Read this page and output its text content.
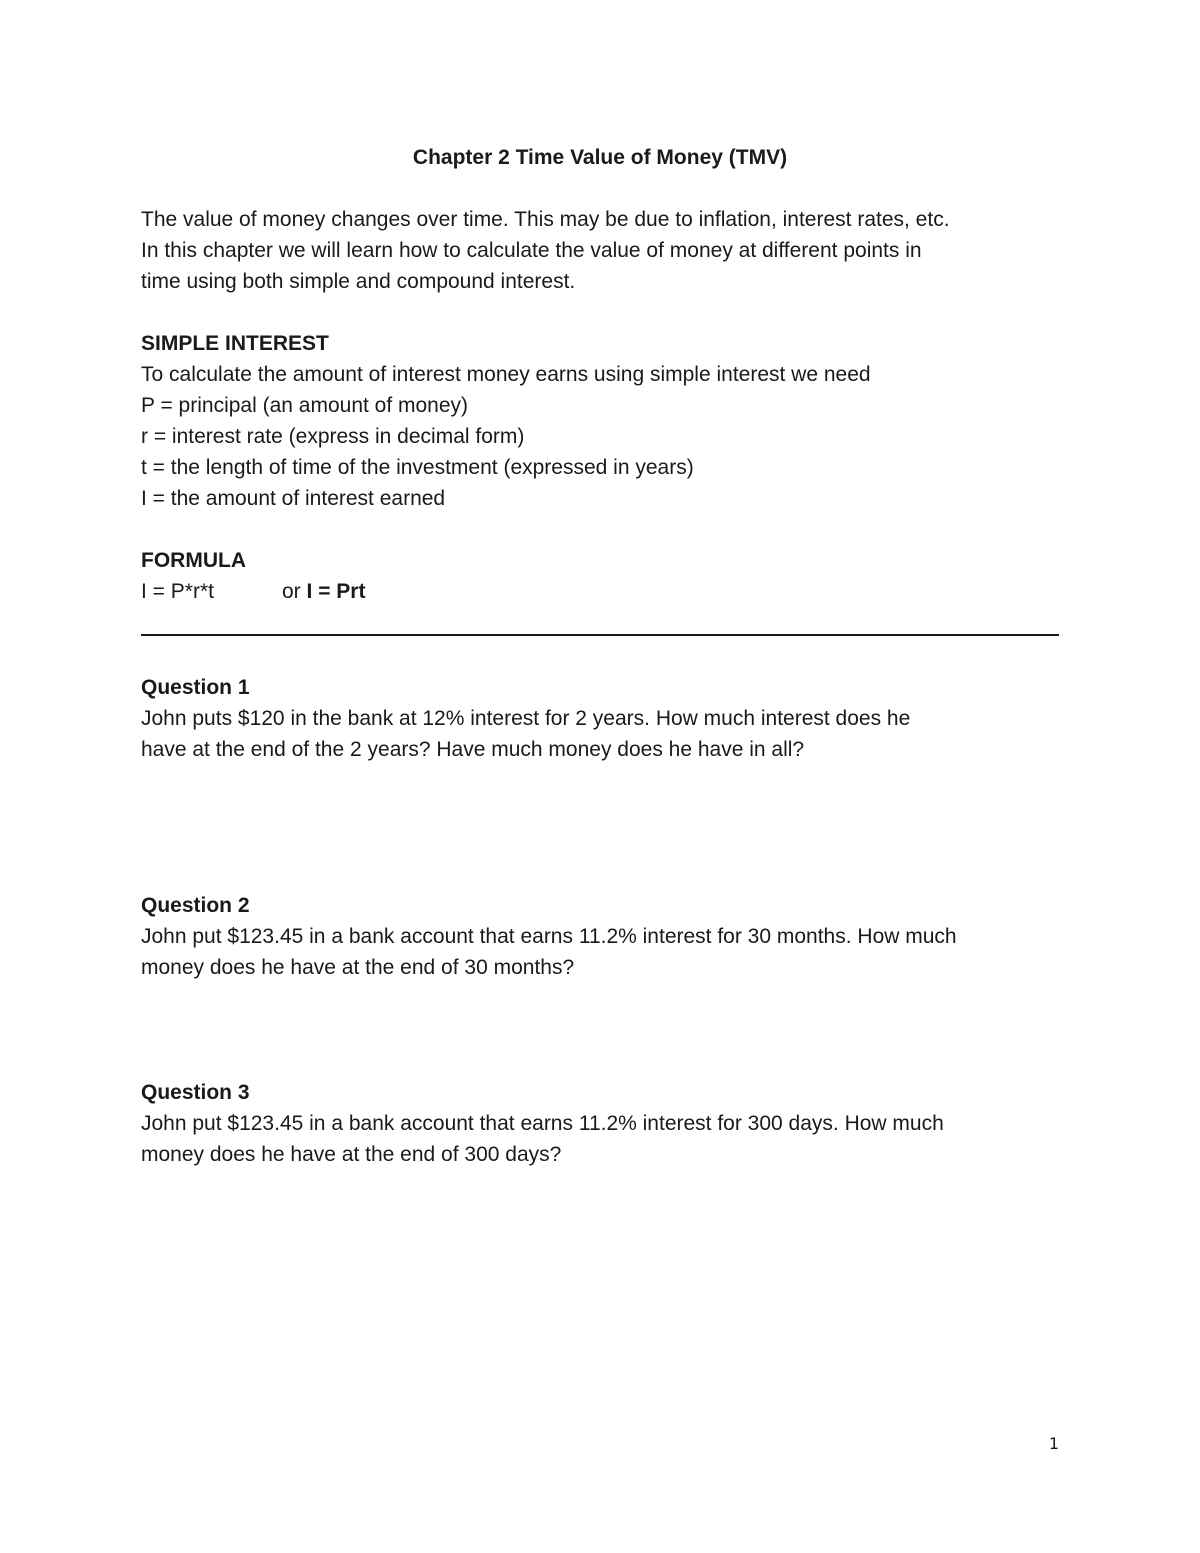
Chapter 2 Time Value of Money (TMV)
The value of money changes over time. This may be due to inflation, interest rates, etc.
In this chapter we will learn how to calculate the value of money at different points in
time using both simple and compound interest.
SIMPLE INTEREST
To calculate the amount of interest money earns using simple interest we need
P = principal (an amount of money)
r = interest rate (express in decimal form)
t = the length of time of the investment (expressed in years)
I = the amount of interest earned
FORMULA
I = P*r*t	or I = Prt
Question 1
John puts $120 in the bank at 12% interest for 2 years. How much interest does he
have at the end of the 2 years? Have much money does he have in all?
Question 2
John put $123.45 in a bank account that earns 11.2% interest for 30 months. How much
money does he have at the end of 30 months?
Question 3
John put $123.45 in a bank account that earns 11.2% interest for 300 days. How much
money does he have at the end of 300 days?
1
